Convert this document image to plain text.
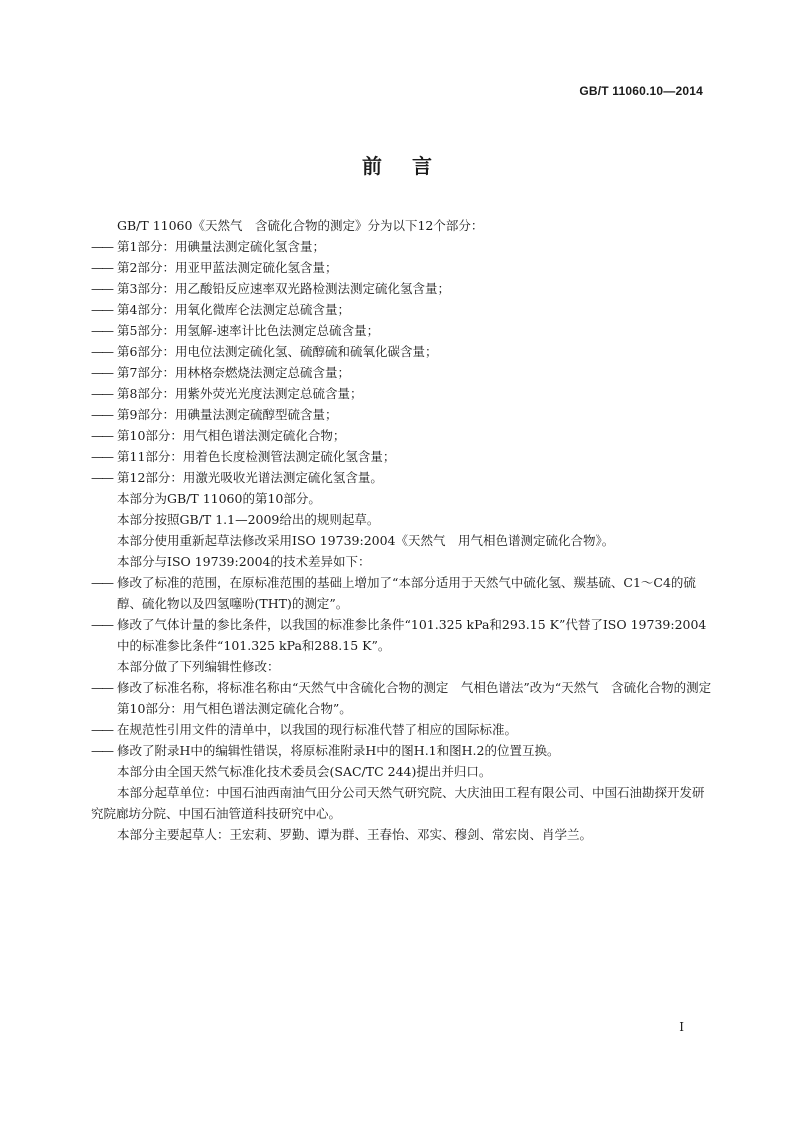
GB/T 11060.10—2014
前言
GB/T 11060《天然气　含硫化合物的测定》分为以下12个部分：
—— 第1部分：用碘量法测定硫化氢含量；
—— 第2部分：用亚甲蓝法测定硫化氢含量；
—— 第3部分：用乙酸铅反应速率双光路检测法测定硫化氢含量；
—— 第4部分：用氧化微库仑法测定总硫含量；
—— 第5部分：用氢解-速率计比色法测定总硫含量；
—— 第6部分：用电位法测定硫化氢、硫醇硫和硫氧化碳含量；
—— 第7部分：用林格奈燃烧法测定总硫含量；
—— 第8部分：用紫外荧光光度法测定总硫含量；
—— 第9部分：用碘量法测定硫醇型硫含量；
—— 第10部分：用气相色谱法测定硫化合物；
—— 第11部分：用着色长度检测管法测定硫化氢含量；
—— 第12部分：用激光吸收光谱法测定硫化氢含量。
本部分为GB/T 11060的第10部分。
本部分按照GB/T 1.1—2009给出的规则起草。
本部分使用重新起草法修改采用ISO 19739:2004《天然气　用气相色谱测定硫化合物》。
本部分与ISO 19739:2004的技术差异如下：
—— 修改了标准的范围，在原标准范围的基础上增加了“本部分适用于天然气中硫化氢、羰基硫、C1～C4的硫醇、硫化物以及四氢噻吩(THT)的测定”。
—— 修改了气体计量的参比条件，以我国的标准参比条件“101.325 kPa和293.15 K”代替了ISO 19739:2004中的标准参比条件“101.325 kPa和288.15 K”。
本部分做了下列编辑性修改：
—— 修改了标准名称，将标准名称由“天然气中含硫化合物的测定　气相色谱法”改为“天然气　含硫化合物的测定　第10部分：用气相色谱法测定硫化合物”。
—— 在规范性引用文件的清单中，以我国的现行标准代替了相应的国际标准。
—— 修改了附录H中的编辑性错误，将原标准附录H中的图H.1和图H.2的位置互换。
本部分由全国天然气标准化技术委员会(SAC/TC 244)提出并归口。
本部分起草单位：中国石油西南油气田分公司天然气研究院、大庆油田工程有限公司、中国石油勘探开发研究院廊坊分院、中国石油管道科技研究中心。
本部分主要起草人：王宏莉、罗勤、谭为群、王春怡、邓实、穆剑、常宏岗、肖学兰。
I
